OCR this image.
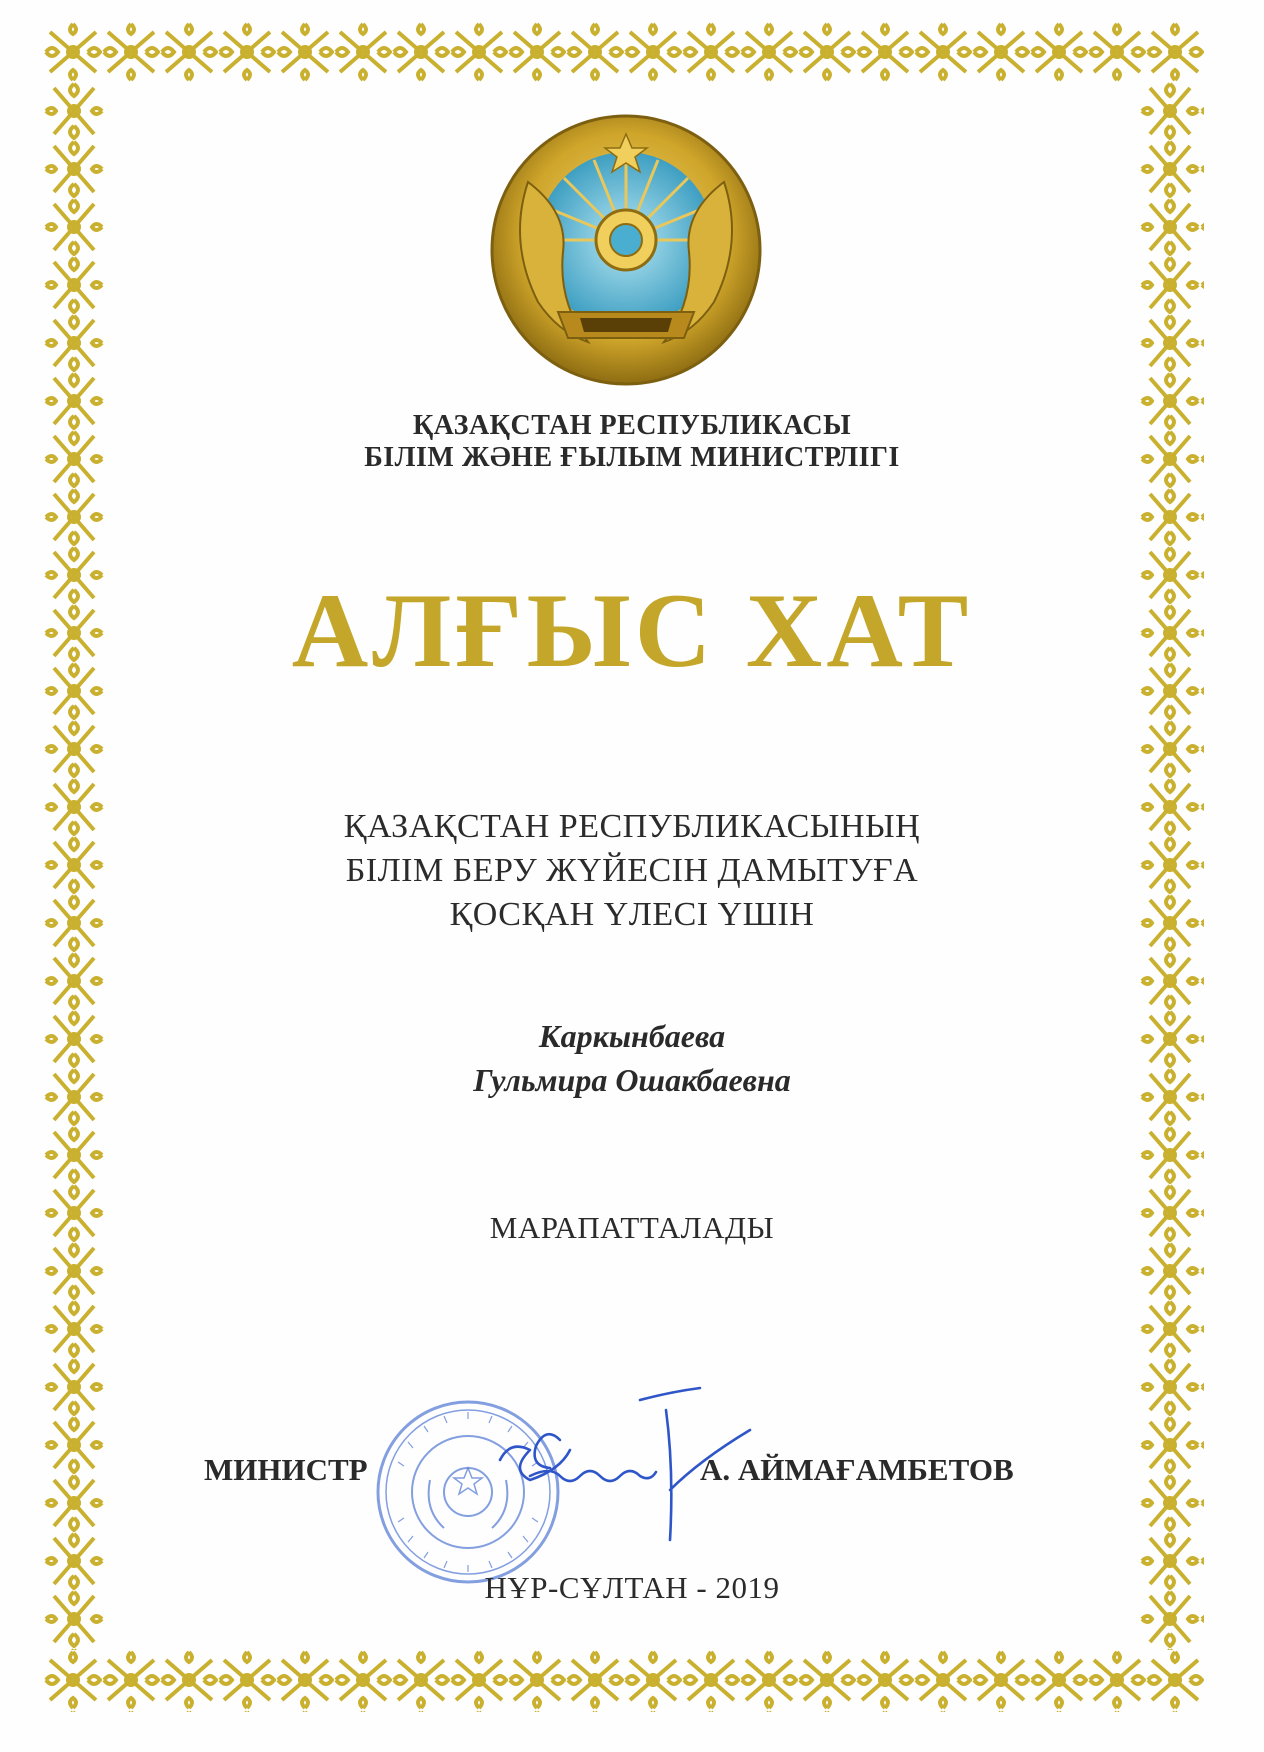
ҚАЗАҚСТАН РЕСПУБЛИКАСЫ
БІЛІМ ЖӘНЕ ҒЫЛЫМ МИНИСТРЛІГІ
АЛҒЫС ХАТ
ҚАЗАҚСТАН РЕСПУБЛИКАСЫНЫҢ
БІЛІМ БЕРУ ЖҮЙЕСІН ДАМЫТУҒА
ҚОСҚАН ҮЛЕСІ ҮШІН
Каркынбаева
Гульмира Ошакбаевна
МАРАПАТТАЛАДЫ
МИНИСТР	А. АЙМАҒАМБЕТОВ
НҰР-СҰЛТАН - 2019
